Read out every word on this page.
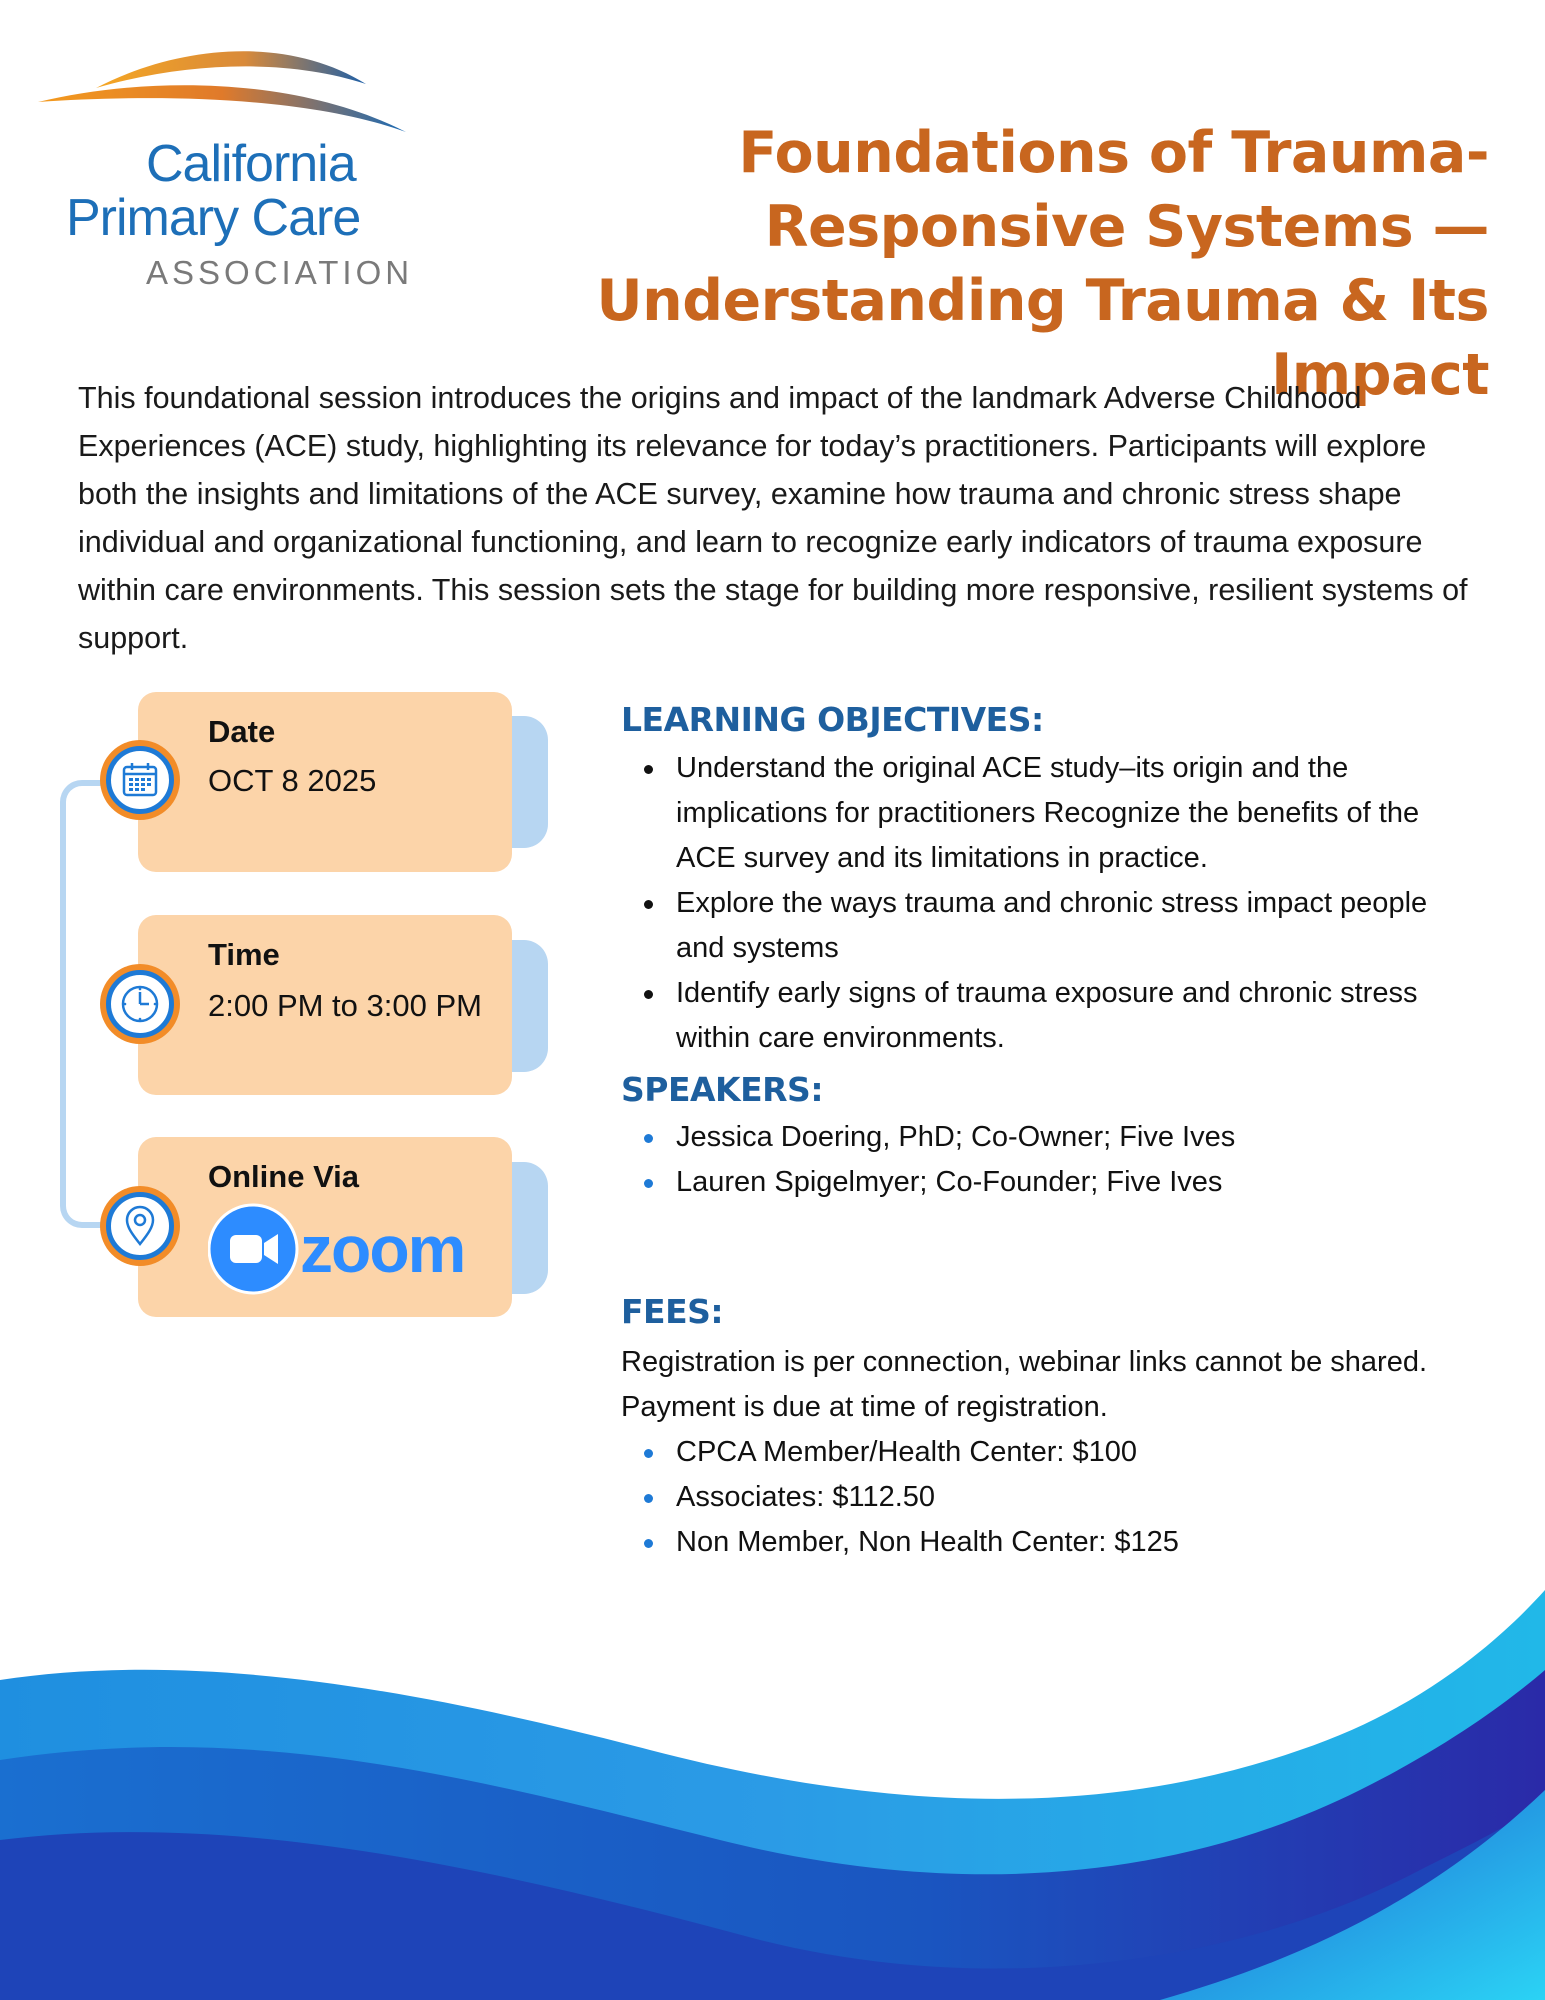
California
Primary Care
ASSOCIATION
Foundations of Trauma-Responsive Systems — Understanding Trauma & Its Impact
This foundational session introduces the origins and impact of the landmark Adverse Childhood Experiences (ACE) study, highlighting its relevance for today’s practitioners. Participants will explore both the insights and limitations of the ACE survey, examine how trauma and chronic stress shape individual and organizational functioning, and learn to recognize early indicators of trauma exposure within care environments. This session sets the stage for building more responsive, resilient systems of support.
Date
OCT 8 2025
Time
2:00 PM to 3:00 PM
Online Via
zoom
LEARNING OBJECTIVES:
Understand the original ACE study–its origin and the implications for practitioners Recognize the benefits of the ACE survey and its limitations in practice.
Explore the ways trauma and chronic stress impact people and systems
Identify early signs of trauma exposure and chronic stress within care environments.
SPEAKERS:
Jessica Doering, PhD; Co-Owner; Five Ives
Lauren Spigelmyer; Co-Founder; Five Ives
FEES:
Registration is per connection, webinar links cannot be shared. Payment is due at time of registration.
CPCA Member/Health Center: $100
Associates: $112.50
Non Member, Non Health Center: $125
